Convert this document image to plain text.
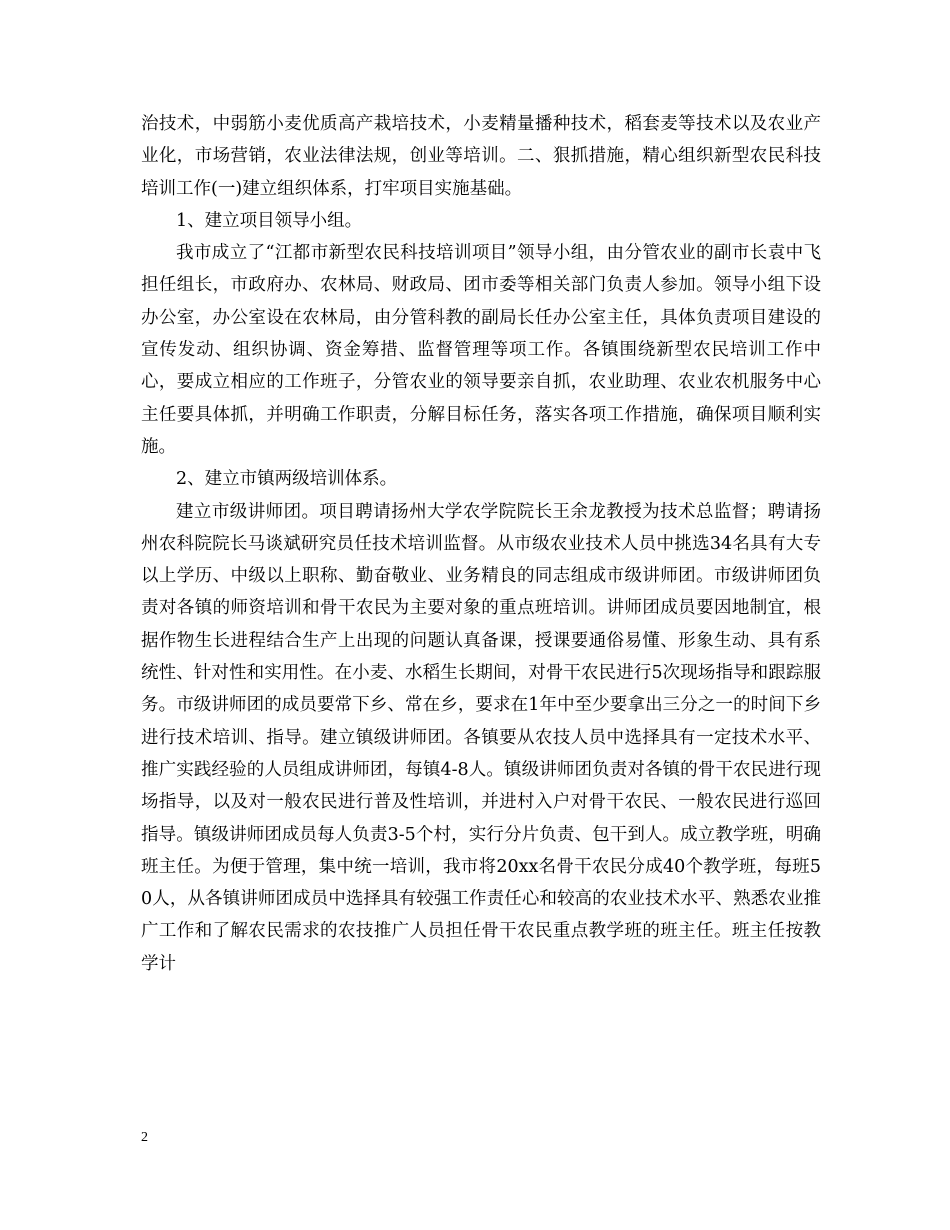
治技术，中弱筋小麦优质高产栽培技术，小麦精量播种技术，稻套麦等技术以及农业产业化，市场营销，农业法律法规，创业等培训。二、狠抓措施，精心组织新型农民科技培训工作(一)建立组织体系，打牢项目实施基础。

1、建立项目领导小组。

我市成立了“江都市新型农民科技培训项目”领导小组，由分管农业的副市长袁中飞担任组长，市政府办、农林局、财政局、团市委等相关部门负责人参加。领导小组下设办公室，办公室设在农林局，由分管科教的副局长任办公室主任，具体负责项目建设的宣传发动、组织协调、资金筹措、监督管理等项工作。各镇围绕新型农民培训工作中心，要成立相应的工作班子，分管农业的领导要亲自抓，农业助理、农业农机服务中心主任要具体抓，并明确工作职责，分解目标任务，落实各项工作措施，确保项目顺利实施。

2、建立市镇两级培训体系。

建立市级讲师团。项目聘请扬州大学农学院院长王余龙教授为技术总监督；聘请扬州农科院院长马谈斌研究员任技术培训监督。从市级农业技术人员中挑选34名具有大专以上学历、中级以上职称、勤奋敬业、业务精良的同志组成市级讲师团。市级讲师团负责对各镇的师资培训和骨干农民为主要对象的重点班培训。讲师团成员要因地制宜，根据作物生长进程结合生产上出现的问题认真备课，授课要通俗易懂、形象生动、具有系统性、针对性和实用性。在小麦、水稻生长期间，对骨干农民进行5次现场指导和跟踪服务。市级讲师团的成员要常下乡、常在乡，要求在1年中至少要拿出三分之一的时间下乡进行技术培训、指导。建立镇级讲师团。各镇要从农技人员中选择具有一定技术水平、推广实践经验的人员组成讲师团，每镇4-8人。镇级讲师团负责对各镇的骨干农民进行现场指导，以及对一般农民进行普及性培训，并进村入户对骨干农民、一般农民进行巡回指导。镇级讲师团成员每人负责3-5个村，实行分片负责、包干到人。成立教学班，明确班主任。为便于管理，集中统一培训，我市将20xx名骨干农民分成40个教学班，每班50人，从各镇讲师团成员中选择具有较强工作责任心和较高的农业技术水平、熟悉农业推广工作和了解农民需求的农技推广人员担任骨干农民重点教学班的班主任。班主任按教学计

2
